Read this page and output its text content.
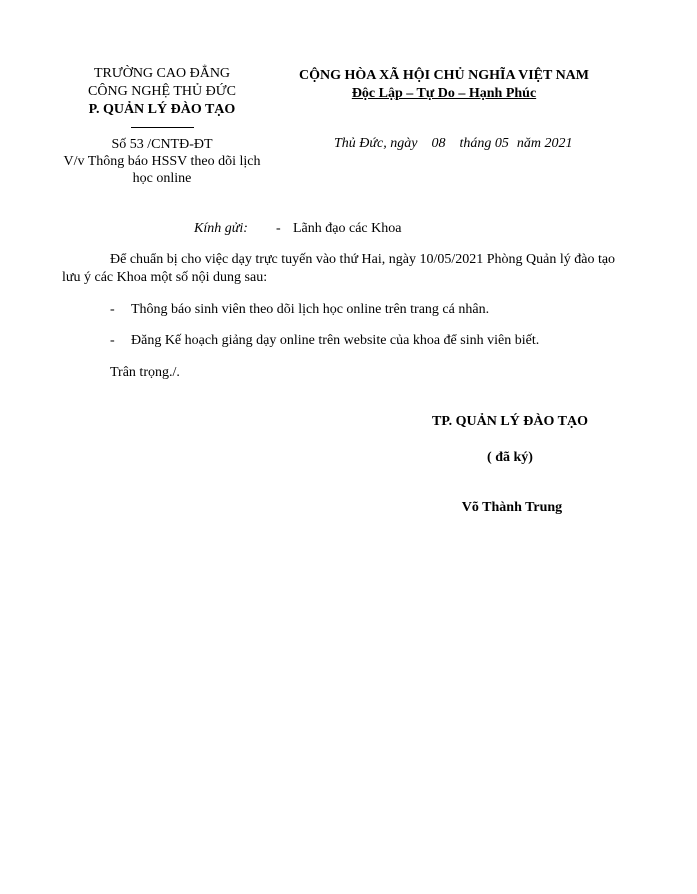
TRƯỜNG CAO ĐẲNG
CÔNG NGHỆ THỦ ĐỨC
P. QUẢN LÝ ĐÀO TẠO
CỘNG HÒA XÃ HỘI CHỦ NGHĨA VIỆT NAM
Độc Lập – Tự Do – Hạnh Phúc
Số 53 /CNTĐ-ĐT
V/v Thông báo HSSV theo dõi lịch
học online
Thủ Đức, ngày 08 tháng 05 năm 2021
Kính gửi: - Lãnh đạo các Khoa
Để chuẩn bị cho việc dạy trực tuyến vào thứ Hai, ngày 10/05/2021 Phòng Quản lý đào tạo
lưu ý các Khoa một số nội dung sau:
- Thông báo sinh viên theo dõi lịch học online trên trang cá nhân.
- Đăng Kế hoạch giảng dạy online trên website của khoa để sinh viên biết.
Trân trọng./.
TP. QUẢN LÝ ĐÀO TẠO
( đã ký)
Võ Thành Trung
